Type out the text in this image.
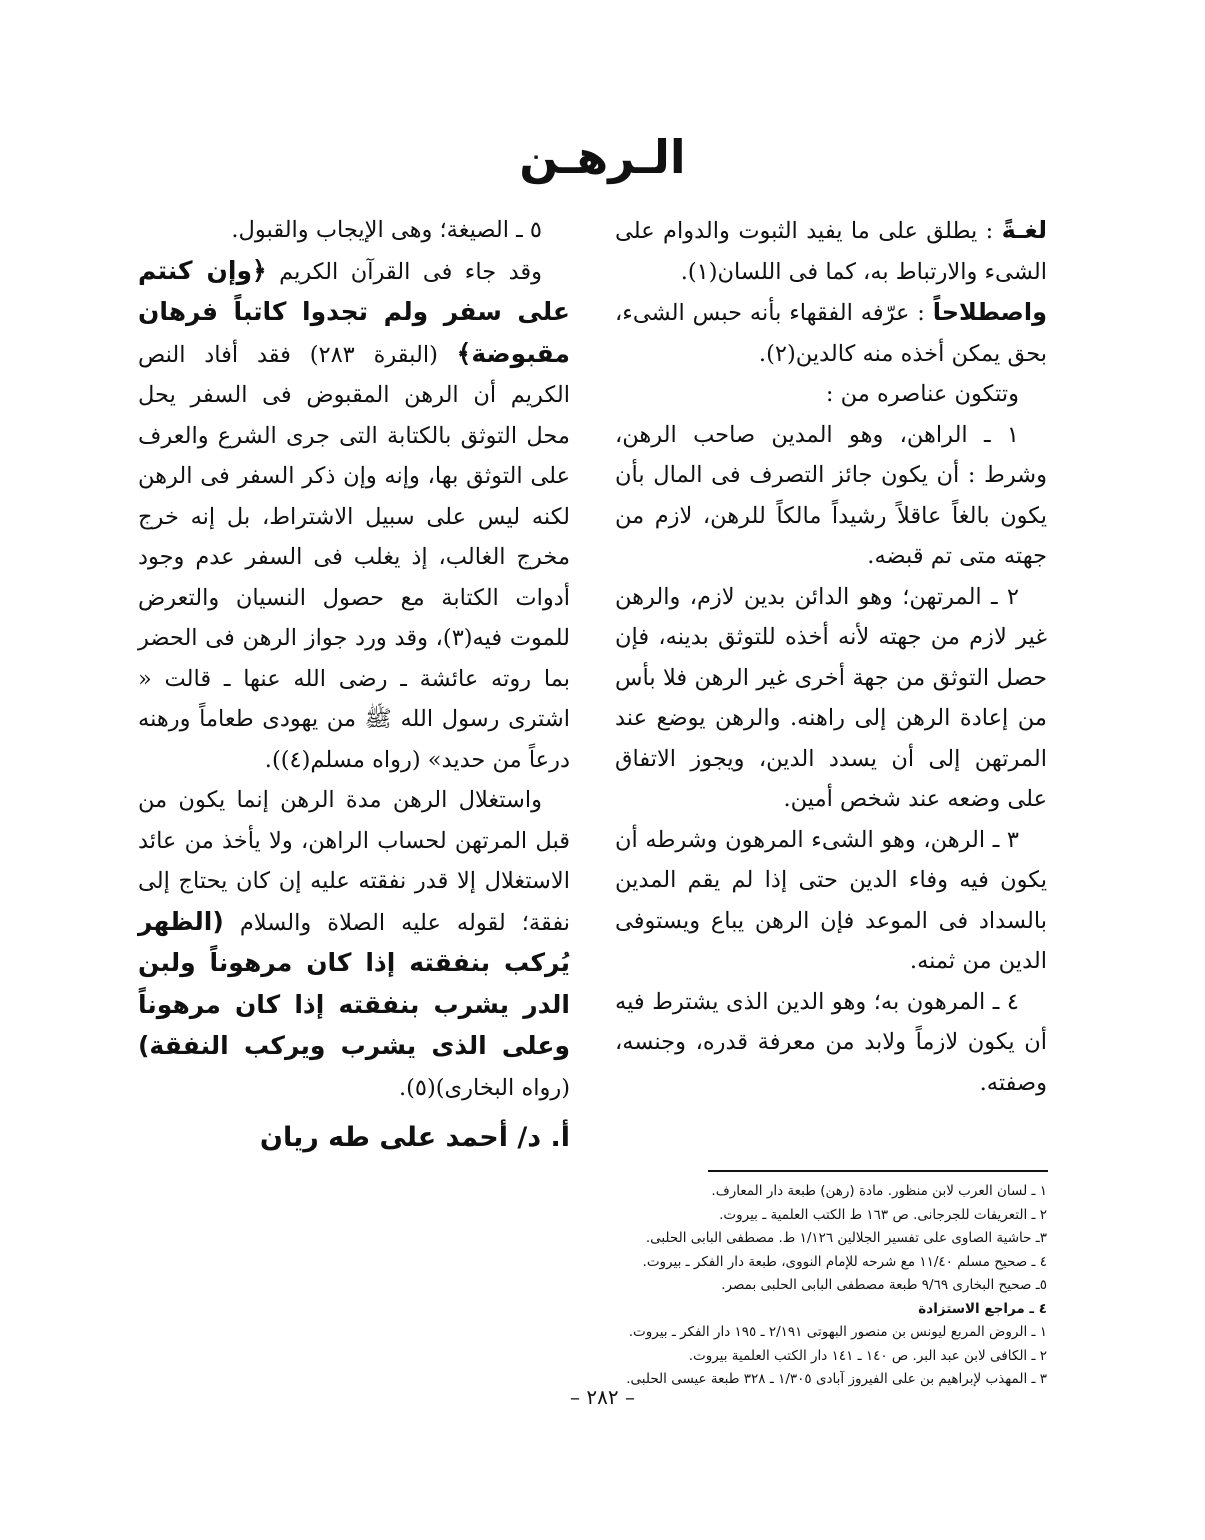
الـرهـن

لغـةً : يطلق على ما يفيد الثبوت والدوام على الشىء والارتباط به، كما فى اللسان(١).

واصطلاحاً : عرّفه الفقهاء بأنه حبس الشىء، بحق يمكن أخذه منه كالدين(٢).

وتتكون عناصره من :

١ ـ الراهن، وهو المدين صاحب الرهن، وشرط : أن يكون جائز التصرف فى المال بأن يكون بالغاً عاقلاً رشيداً مالكاً للرهن، لازم من جهته متى تم قبضه.

٢ ـ المرتهن؛ وهو الدائن بدين لازم، والرهن غير لازم من جهته لأنه أخذه للتوثق بدينه، فإن حصل التوثق من جهة أخرى غير الرهن فلا بأس من إعادة الرهن إلى راهنه. والرهن يوضع عند المرتهن إلى أن يسدد الدين، ويجوز الاتفاق على وضعه عند شخص أمين.

٣ ـ الرهن، وهو الشىء المرهون وشرطه أن يكون فيه وفاء الدين حتى إذا لم يقم المدين بالسداد فى الموعد فإن الرهن يباع ويستوفى الدين من ثمنه.

٤ ـ المرهون به؛ وهو الدين الذى يشترط فيه أن يكون لازماً ولابد من معرفة قدره، وجنسه، وصفته.

٥ ـ الصيغة؛ وهى الإيجاب والقبول.

وقد جاء فى القرآن الكريم ﴿وإن كنتم على سفر ولم تجدوا كاتباً فرهان مقبوضة﴾ (البقرة ٢٨٣) فقد أفاد النص الكريم أن الرهن المقبوض فى السفر يحل محل التوثق بالكتابة التى جرى الشرع والعرف على التوثق بها، وإنه وإن ذكر السفر فى الرهن لكنه ليس على سبيل الاشتراط، بل إنه خرج مخرج الغالب، إذ يغلب فى السفر عدم وجود أدوات الكتابة مع حصول النسيان والتعرض للموت فيه(٣)، وقد ورد جواز الرهن فى الحضر بما روته عائشة ـ رضى الله عنها ـ قالت « اشترى رسول الله ﷺ من يهودى طعاماً ورهنه درعاً من حديد» (رواه مسلم(٤)).

واستغلال الرهن مدة الرهن إنما يكون من قبل المرتهن لحساب الراهن، ولا يأخذ من عائد الاستغلال إلا قدر نفقته عليه إن كان يحتاج إلى نفقة؛ لقوله عليه الصلاة والسلام (الظهر يُركب بنفقته إذا كان مرهوناً ولبن الدر يشرب بنفقته إذا كان مرهوناً وعلى الذى يشرب ويركب النفقة) (رواه البخارى)(٥).

أ. د/ أحمد على طه ريان
١ ـ لسان العرب لابن منظور. مادة (رهن) طبعة دار المعارف.
٢ ـ التعريفات للجرجانى. ص ١٦٣ ط الكتب العلمية ـ بيروت.
٣ـ حاشية الصاوى على تفسير الجلالين ١/١٢٦ ط. مصطفى البابى الحلبى.
٤ ـ صحيح مسلم ١١/٤٠ مع شرحه للإمام النووى، طبعة دار الفكر ـ بيروت.
٥ـ صحيح البخارى ٩/٦٩ طبعة مصطفى البابى الحلبى بمصر.
٤ ـ مراجع الاستزادة
١ ـ الروض المربع ليونس بن منصور البهوتى ٢/١٩١ ـ ١٩٥ دار الفكر ـ بيروت.
٢ ـ الكافى لابن عبد البر. ص ١٤٠ ـ ١٤١ دار الكتب العلمية بيروت.
٣ ـ المهذب لإبراهيم بن على الفيروز آبادى ١/٣٠٥ ـ ٣٢٨ طبعة عيسى الحلبى.
– ٢٨٢ –
